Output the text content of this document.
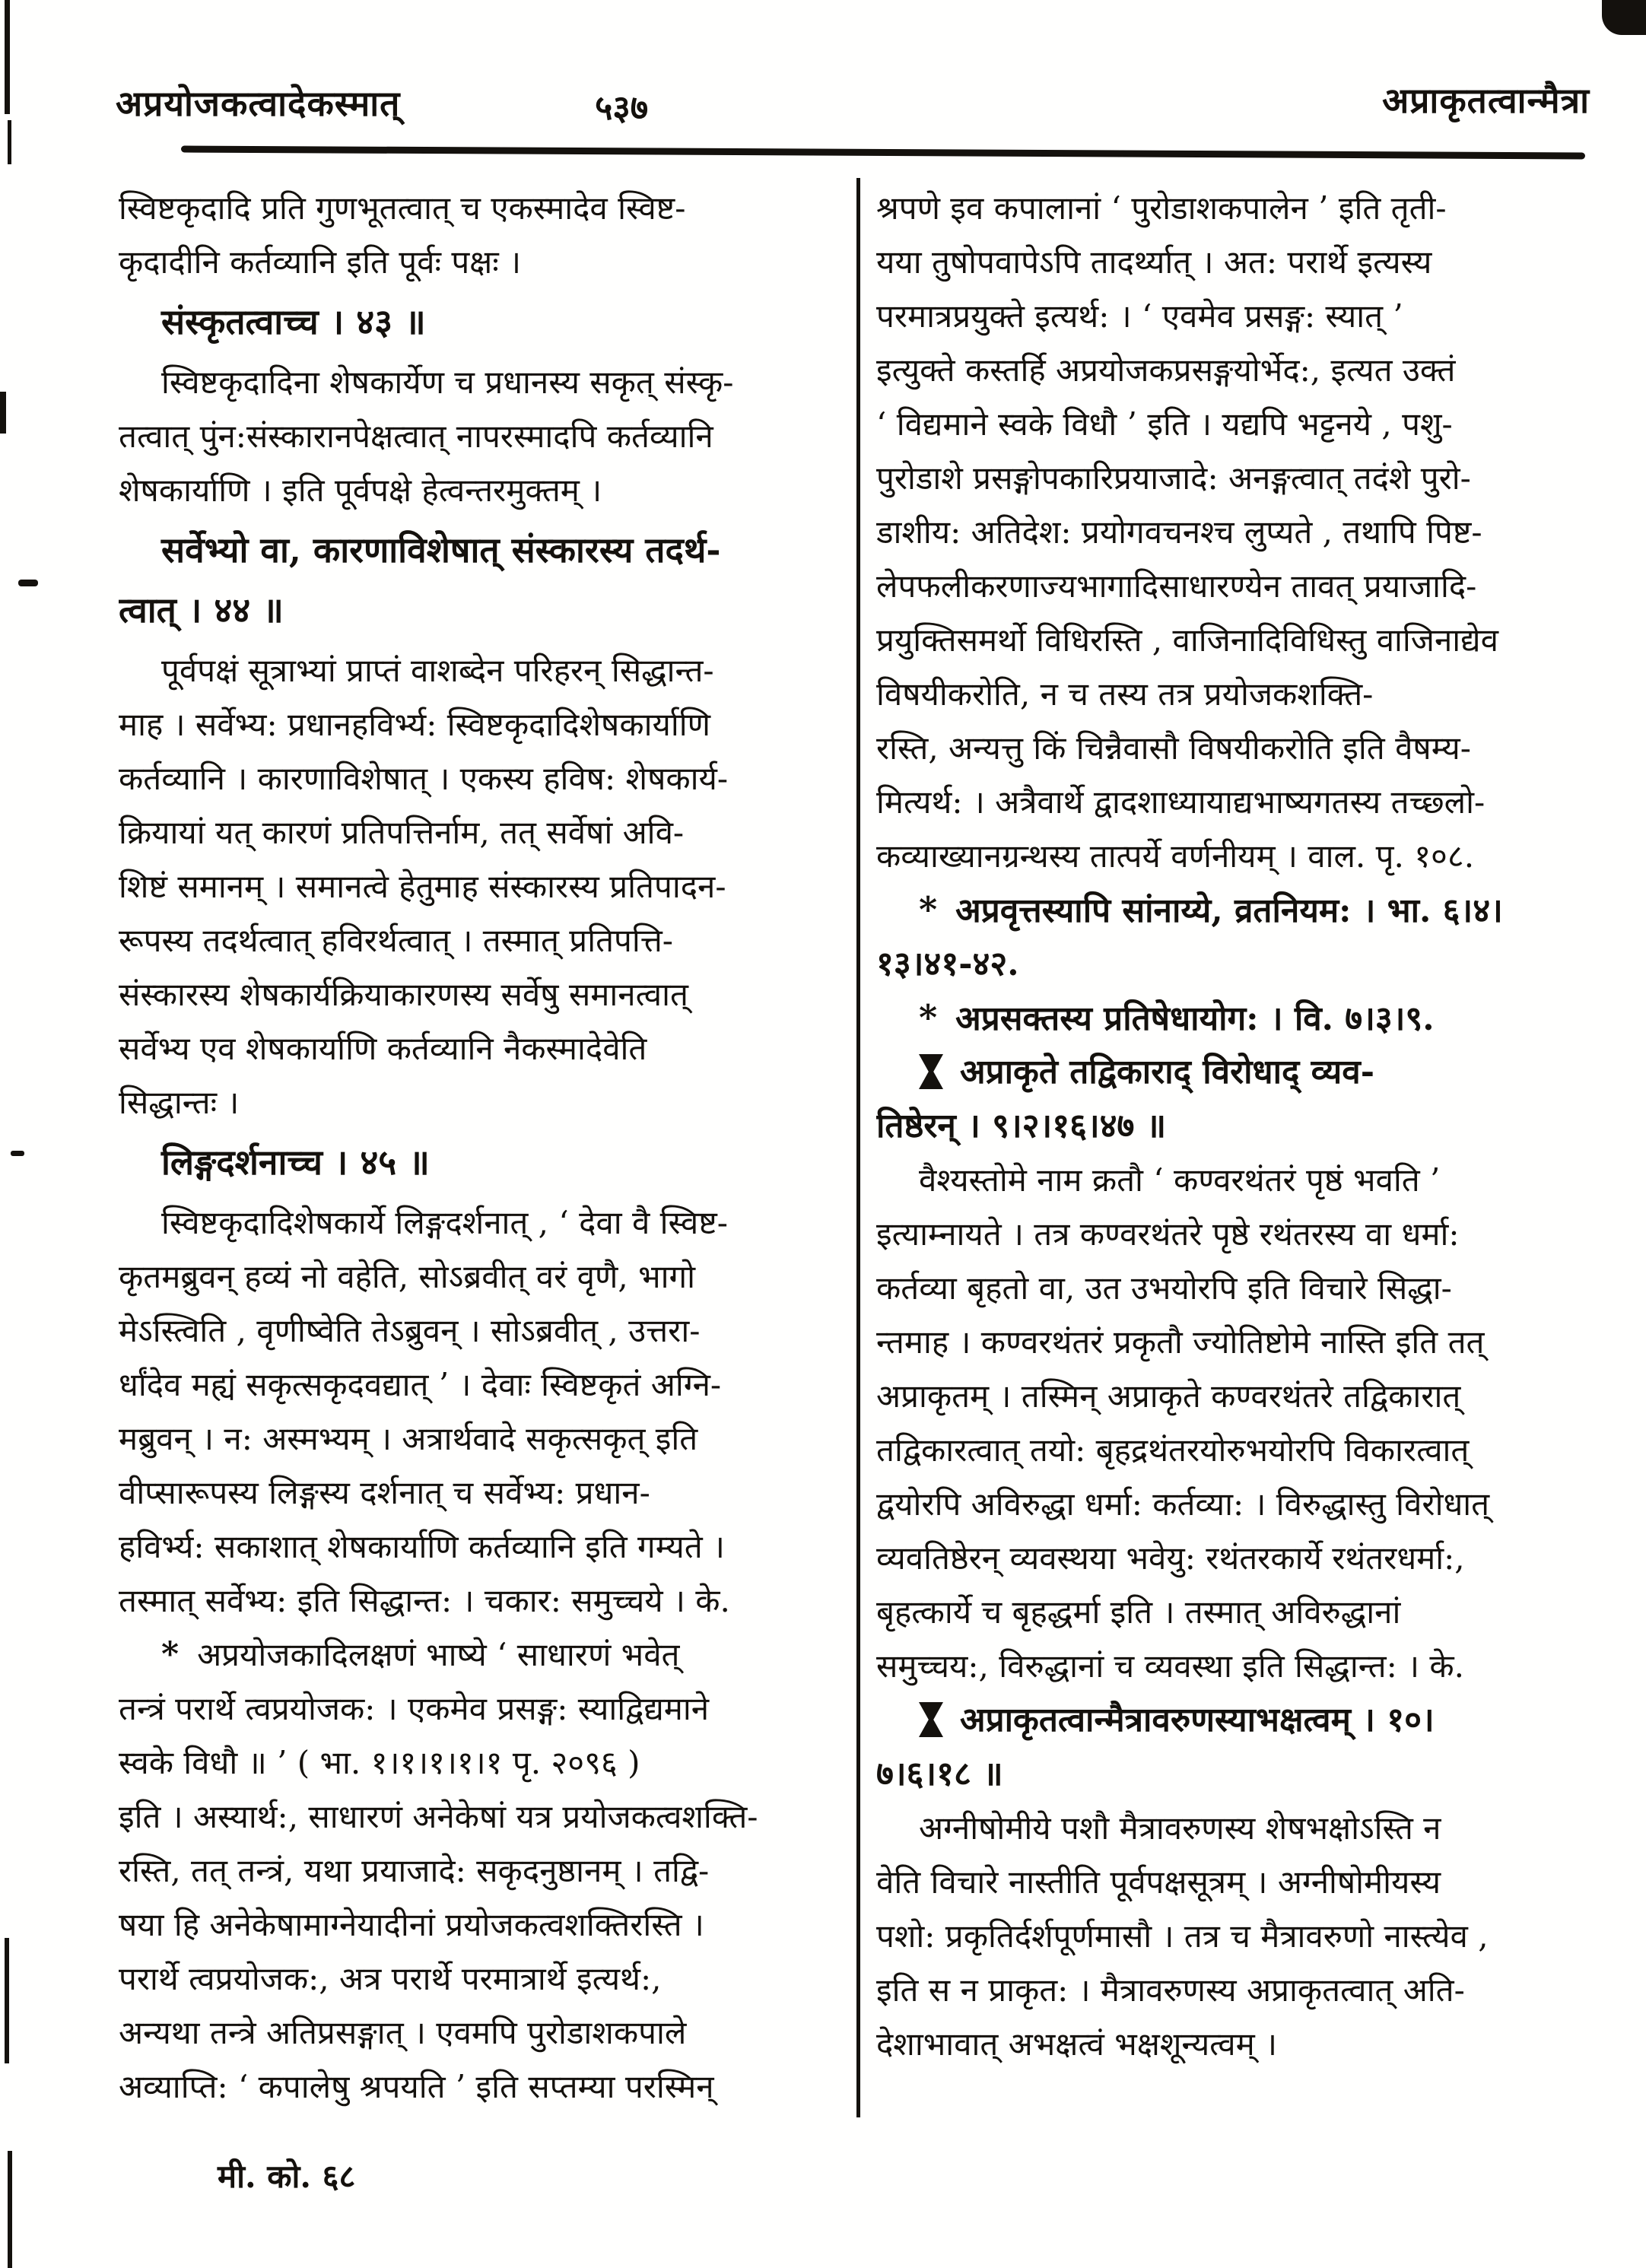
अप्रयोजकत्वादेकस्मात्	५३७	अप्राकृतत्वान्मैत्रा
स्विष्टकृदादि प्रति गुणभूतत्वात् च एकस्मादेव स्विष्ट-
कृदादीनि कर्तव्यानि इति पूर्वः पक्षः ।
संस्कृतत्वाच्च । ४३ ॥
स्विष्टकृदादिना शेषकार्येण च प्रधानस्य सकृत् संस्कृ-
तत्वात् पुंन:संस्कारानपेक्षत्वात् नापरस्मादपि कर्तव्यानि
शेषकार्याणि । इति पूर्वपक्षे हेत्वन्तरमुक्तम् ।
सर्वेभ्यो वा, कारणाविशेषात् संस्कारस्य तदर्थ-
त्वात् । ४४ ॥
पूर्वपक्षं सूत्राभ्यां प्राप्तं वाशब्देन परिहरन् सिद्धान्त-
माह । सर्वेभ्य: प्रधानहविर्भ्य: स्विष्टकृदादिशेषकार्याणि
कर्तव्यानि । कारणाविशेषात् । एकस्य हविष: शेषकार्य-
क्रियायां यत् कारणं प्रतिपत्तिर्नाम, तत् सर्वेषां अवि-
शिष्टं समानम् । समानत्वे हेतुमाह संस्कारस्य प्रतिपादन-
रूपस्य तदर्थत्वात् हविरर्थत्वात् । तस्मात् प्रतिपत्ति-
संस्कारस्य शेषकार्यक्रियाकारणस्य सर्वेषु समानत्वात्
सर्वेभ्य एव शेषकार्याणि कर्तव्यानि नैकस्मादेवेति
सिद्धान्तः ।
लिङ्गदर्शनाच्च । ४५ ॥
स्विष्टकृदादिशेषकार्ये लिङ्गदर्शनात् , ‘ देवा वै स्विष्ट-
कृतमब्रुवन् हव्यं नो वहेति, सोऽब्रवीत् वरं वृणै, भागो
मेऽस्त्विति , वृणीष्वेति तेऽब्रुवन् । सोऽब्रवीत् , उत्तरा-
र्धांदेव मह्यं सकृत्सकृदवद्यात् ’ । देवाः स्विष्टकृतं अग्नि-
मब्रुवन् । न: अस्मभ्यम् । अत्रार्थवादे सकृत्सकृत् इति
वीप्सारूपस्य लिङ्गस्य दर्शनात् च सर्वेभ्य: प्रधान-
हविर्भ्य: सकाशात् शेषकार्याणि कर्तव्यानि इति गम्यते ।
तस्मात् सर्वेभ्य: इति सिद्धान्त: । चकार: समुच्चये । के.
* अप्रयोजकादिलक्षणं भाष्ये ‘ साधारणं भवेत्
तन्त्रं परार्थे त्वप्रयोजक: । एकमेव प्रसङ्ग: स्याद्विद्यमाने
स्वके विधौ ॥ ’ ( भा. १।१।१।१।१ पृ. २०९६ )
इति । अस्यार्थ:, साधारणं अनेकेषां यत्र प्रयोजकत्वशक्ति-
रस्ति, तत् तन्त्रं, यथा प्रयाजादे: सकृदनुष्ठानम् । तद्वि-
षया हि अनेकेषामाग्नेयादीनां प्रयोजकत्वशक्तिरस्ति ।
परार्थे त्वप्रयोजक:, अत्र परार्थे परमात्रार्थे इत्यर्थ:,
अन्यथा तन्त्रे अतिप्रसङ्गात् । एवमपि पुरोडाशकपाले
अव्याप्ति: ‘ कपालेषु श्रपयति ’ इति सप्तम्या परस्मिन्
श्रपणे इव कपालानां ‘ पुरोडाशकपालेन ’ इति तृती-
यया तुषोपवापेऽपि तादर्थ्यात् । अत: परार्थे इत्यस्य
परमात्रप्रयुक्ते इत्यर्थ: । ‘ एवमेव प्रसङ्ग: स्यात् ’
इत्युक्ते कस्तर्हि अप्रयोजकप्रसङ्गयोर्भेद:, इत्यत उक्तं
‘ विद्यमाने स्वके विधौ ’ इति । यद्यपि भट्टनये , पशु-
पुरोडाशे प्रसङ्गोपकारिप्रयाजादे: अनङ्गत्वात् तदंशे पुरो-
डाशीय: अतिदेश: प्रयोगवचनश्च लुप्यते , तथापि पिष्ट-
लेपफलीकरणाज्यभागादिसाधारण्येन तावत् प्रयाजादि-
प्रयुक्तिसमर्थो विधिरस्ति , वाजिनादिविधिस्तु वाजिनाद्येव
विषयीकरोति, न च तस्य तत्र प्रयोजकशक्ति-
रस्ति, अन्यत्तु किं चिन्नैवासौ विषयीकरोति इति वैषम्य-
मित्यर्थ: । अत्रैवार्थे द्वादशाध्यायाद्यभाष्यगतस्य तच्छ्लो-
कव्याख्यानग्रन्थस्य तात्पर्ये वर्णनीयम् । वाल. पृ. १०८.
* अप्रवृत्तस्यापि सांनाय्ये, व्रतनियम: । भा. ६।४।
१३।४१-४२.
* अप्रसक्तस्य प्रतिषेधायोग: । वि. ७।३।९.
अप्राकृते तद्विकाराद् विरोधाद् व्यव-
तिष्ठेरन् । ९।२।१६।४७ ॥
वैश्यस्तोमे नाम क्रतौ ‘ कण्वरथंतरं पृष्ठं भवति ’
इत्याम्नायते । तत्र कण्वरथंतरे पृष्ठे रथंतरस्य वा धर्मा:
कर्तव्या बृहतो वा, उत उभयोरपि इति विचारे सिद्धा-
न्तमाह । कण्वरथंतरं प्रकृतौ ज्योतिष्टोमे नास्ति इति तत्
अप्राकृतम् । तस्मिन् अप्राकृते कण्वरथंतरे तद्विकारात्
तद्विकारत्वात् तयो: बृहद्रथंतरयोरुभयोरपि विकारत्वात्
द्वयोरपि अविरुद्धा धर्मा: कर्तव्या: । विरुद्धास्तु विरोधात्
व्यवतिष्ठेरन् व्यवस्थया भवेयु: रथंतरकार्ये रथंतरधर्मा:,
बृहत्कार्ये च बृहद्धर्मा इति । तस्मात् अविरुद्धानां
समुच्चय:, विरुद्धानां च व्यवस्था इति सिद्धान्त: । के.
अप्राकृतत्वान्मैत्रावरुणस्याभक्षत्वम् । १०।
७।६।१८ ॥
अग्नीषोमीये पशौ मैत्रावरुणस्य शेषभक्षोऽस्ति न
वेति विचारे नास्तीति पूर्वपक्षसूत्रम् । अग्नीषोमीयस्य
पशो: प्रकृतिर्दर्शपूर्णमासौ । तत्र च मैत्रावरुणो नास्त्येव ,
इति स न प्राकृत: । मैत्रावरुणस्य अप्राकृतत्वात् अति-
देशाभावात् अभक्षत्वं भक्षशून्यत्वम् ।
मी. को. ६८
